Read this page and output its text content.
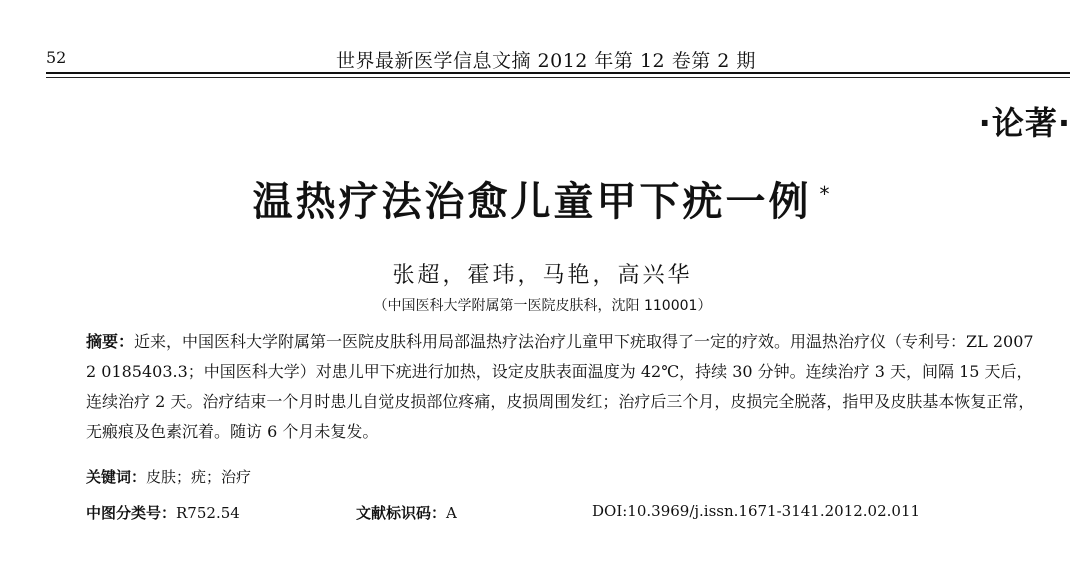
52	世界最新医学信息文摘 2012 年第 12 卷第 2 期
·论著·
温热疗法治愈儿童甲下疣一例 *
张超，霍玮，马艳，高兴华
（中国医科大学附属第一医院皮肤科，沈阳 110001）
摘要：近来，中国医科大学附属第一医院皮肤科用局部温热疗法治疗儿童甲下疣取得了一定的疗效。用温热治疗仪（专利号：ZL 2007 2 0185403.3；中国医科大学）对患儿甲下疣进行加热，设定皮肤表面温度为 42℃，持续 30 分钟。连续治疗 3 天，间隔 15 天后，连续治疗 2 天。治疗结束一个月时患儿自觉皮损部位疼痛，皮损周围发红；治疗后三个月，皮损完全脱落，指甲及皮肤基本恢复正常，无瘢痕及色素沉着。随访 6 个月未复发。
关键词：皮肤；疣；治疗
中图分类号：R752.54	文献标识码：A	DOI:10.3969/j.issn.1671-3141.2012.02.011
